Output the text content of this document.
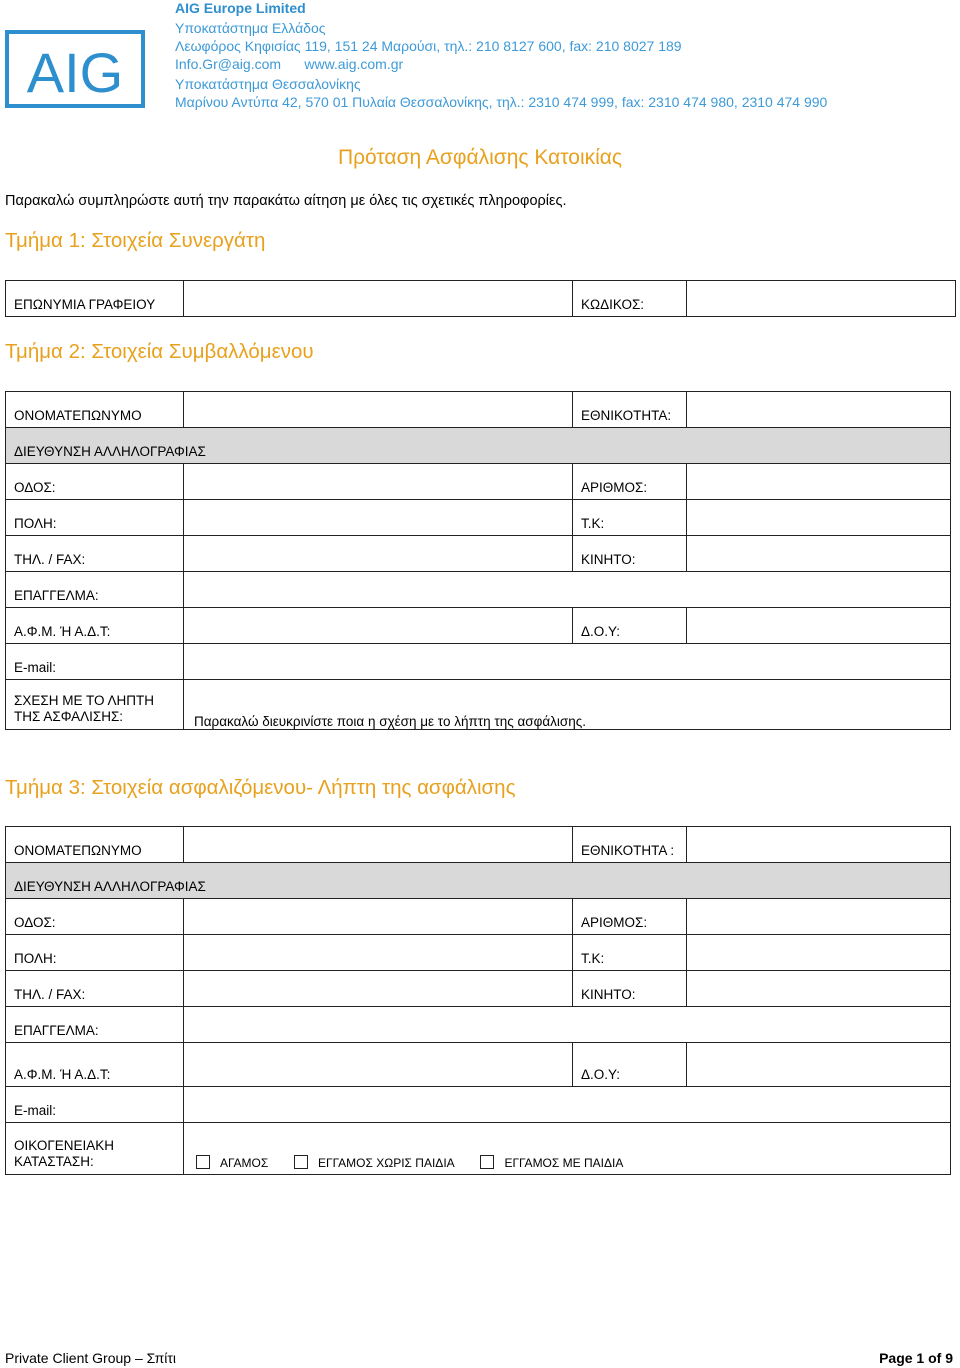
AIG
AIG Europe Limited
Υποκατάστημα Ελλάδος
Λεωφόρος Κηφισίας 119, 151 24 Μαρούσι, τηλ.: 210 8127 600, fax: 210 8027 189
Info.Gr@aig.com      www.aig.com.gr
Υποκατάστημα Θεσσαλονίκης
Μαρίνου Αντύπα 42, 570 01 Πυλαία Θεσσαλονίκης, τηλ.: 2310 474 999, fax: 2310 474 980, 2310 474 990
Πρόταση Ασφάλισης Κατοικίας
Παρακαλώ συμπληρώστε αυτή την παρακάτω αίτηση με όλες τις σχετικές πληροφορίες.
Τμήμα 1: Στοιχεία Συνεργάτη
ΕΠΩΝΥΜΙΑ ΓΡΑΦΕΙΟΥ		ΚΩΔΙΚΟΣ:	
Τμήμα 2: Στοιχεία Συμβαλλόμενου
ΟΝΟΜΑΤΕΠΩΝΥΜΟ		ΕΘΝΙΚΟΤΗΤΑ:	
ΔΙΕΥΘΥΝΣΗ ΑΛΛΗΛΟΓΡΑΦΙΑΣ			
ΟΔΟΣ:		ΑΡΙΘΜΟΣ:	
ΠΟΛΗ:		Τ.Κ:	
ΤΗΛ. / FAX:		ΚΙΝΗΤΟ:	
ΕΠΑΓΓΕΛΜΑ:			
Α.Φ.Μ. Ή Α.Δ.Τ:		Δ.Ο.Υ:	
E-mail:			
ΣΧΕΣΗ ΜΕ ΤΟ ΛΗΠΤΗ ΤΗΣ ΑΣΦΑΛΙΣΗΣ:	Παρακαλώ διευκρινίστε ποια η σχέση με το λήπτη της ασφάλισης.		
Τμήμα 3: Στοιχεία ασφαλιζόμενου- Λήπτη της ασφάλισης
ΟΝΟΜΑΤΕΠΩΝΥΜΟ		ΕΘΝΙΚΟΤΗΤΑ :	
ΔΙΕΥΘΥΝΣΗ ΑΛΛΗΛΟΓΡΑΦΙΑΣ			
ΟΔΟΣ:		ΑΡΙΘΜΟΣ:	
ΠΟΛΗ:		Τ.Κ:	
ΤΗΛ. / FAX:		ΚΙΝΗΤΟ:	
ΕΠΑΓΓΕΛΜΑ:			
Α.Φ.Μ. Ή Α.Δ.Τ:		Δ.Ο.Υ:	
E-mail:			
ΟΙΚΟΓΕΝΕΙΑΚΗ ΚΑΤΑΣΤΑΣΗ:	ΑΓΑΜΟΣ ΕΓΓΑΜΟΣ ΧΩΡΙΣ ΠΑΙΔΙΑ ΕΓΓΑΜΟΣ ΜΕ ΠΑΙΔΙΑ		
Private Client Group – Σπίτι	Page 1 of 9
